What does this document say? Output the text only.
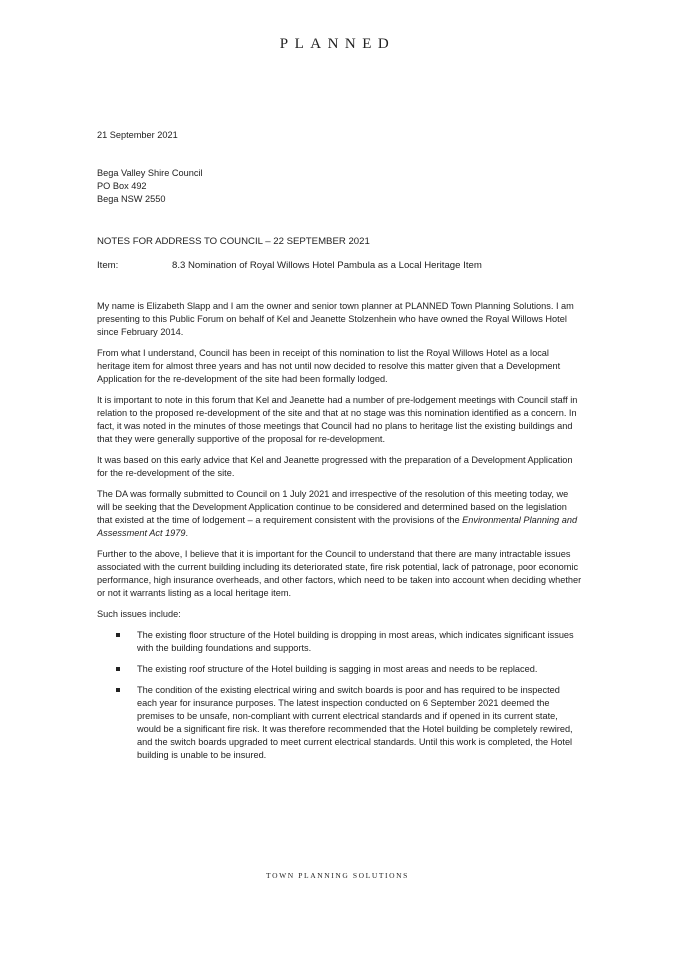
PLANNED
21 September 2021
Bega Valley Shire Council
PO Box 492
Bega NSW 2550
NOTES FOR ADDRESS TO COUNCIL – 22 SEPTEMBER 2021
Item:	8.3 Nomination of Royal Willows Hotel Pambula as a Local Heritage Item

My name is Elizabeth Slapp and I am the owner and senior town planner at PLANNED Town Planning Solutions. I am presenting to this Public Forum on behalf of Kel and Jeanette Stolzenhein who have owned the Royal Willows Hotel since February 2014.

From what I understand, Council has been in receipt of this nomination to list the Royal Willows Hotel as a local heritage item for almost three years and has not until now decided to resolve this matter given that a Development Application for the re-development of the site had been formally lodged.

It is important to note in this forum that Kel and Jeanette had a number of pre-lodgement meetings with Council staff in relation to the proposed re-development of the site and that at no stage was this nomination identified as a concern. In fact, it was noted in the minutes of those meetings that Council had no plans to heritage list the existing buildings and that they were generally supportive of the proposal for re-development.

It was based on this early advice that Kel and Jeanette progressed with the preparation of a Development Application for the re-development of the site.

The DA was formally submitted to Council on 1 July 2021 and irrespective of the resolution of this meeting today, we will be seeking that the Development Application continue to be considered and determined based on the legislation that existed at the time of lodgement – a requirement consistent with the provisions of the Environmental Planning and Assessment Act 1979.

Further to the above, I believe that it is important for the Council to understand that there are many intractable issues associated with the current building including its deteriorated state, fire risk potential, lack of patronage, poor economic performance, high insurance overheads, and other factors, which need to be taken into account when deciding whether or not it warrants listing as a local heritage item.

Such issues include:

The existing floor structure of the Hotel building is dropping in most areas, which indicates significant issues with the building foundations and supports.
The existing roof structure of the Hotel building is sagging in most areas and needs to be replaced.
The condition of the existing electrical wiring and switch boards is poor and has required to be inspected each year for insurance purposes. The latest inspection conducted on 6 September 2021 deemed the premises to be unsafe, non-compliant with current electrical standards and if opened in its current state, would be a significant fire risk. It was therefore recommended that the Hotel building be completely rewired, and the switch boards upgraded to meet current electrical standards. Until this work is completed, the Hotel building is unable to be insured.
TOWN PLANNING SOLUTIONS
